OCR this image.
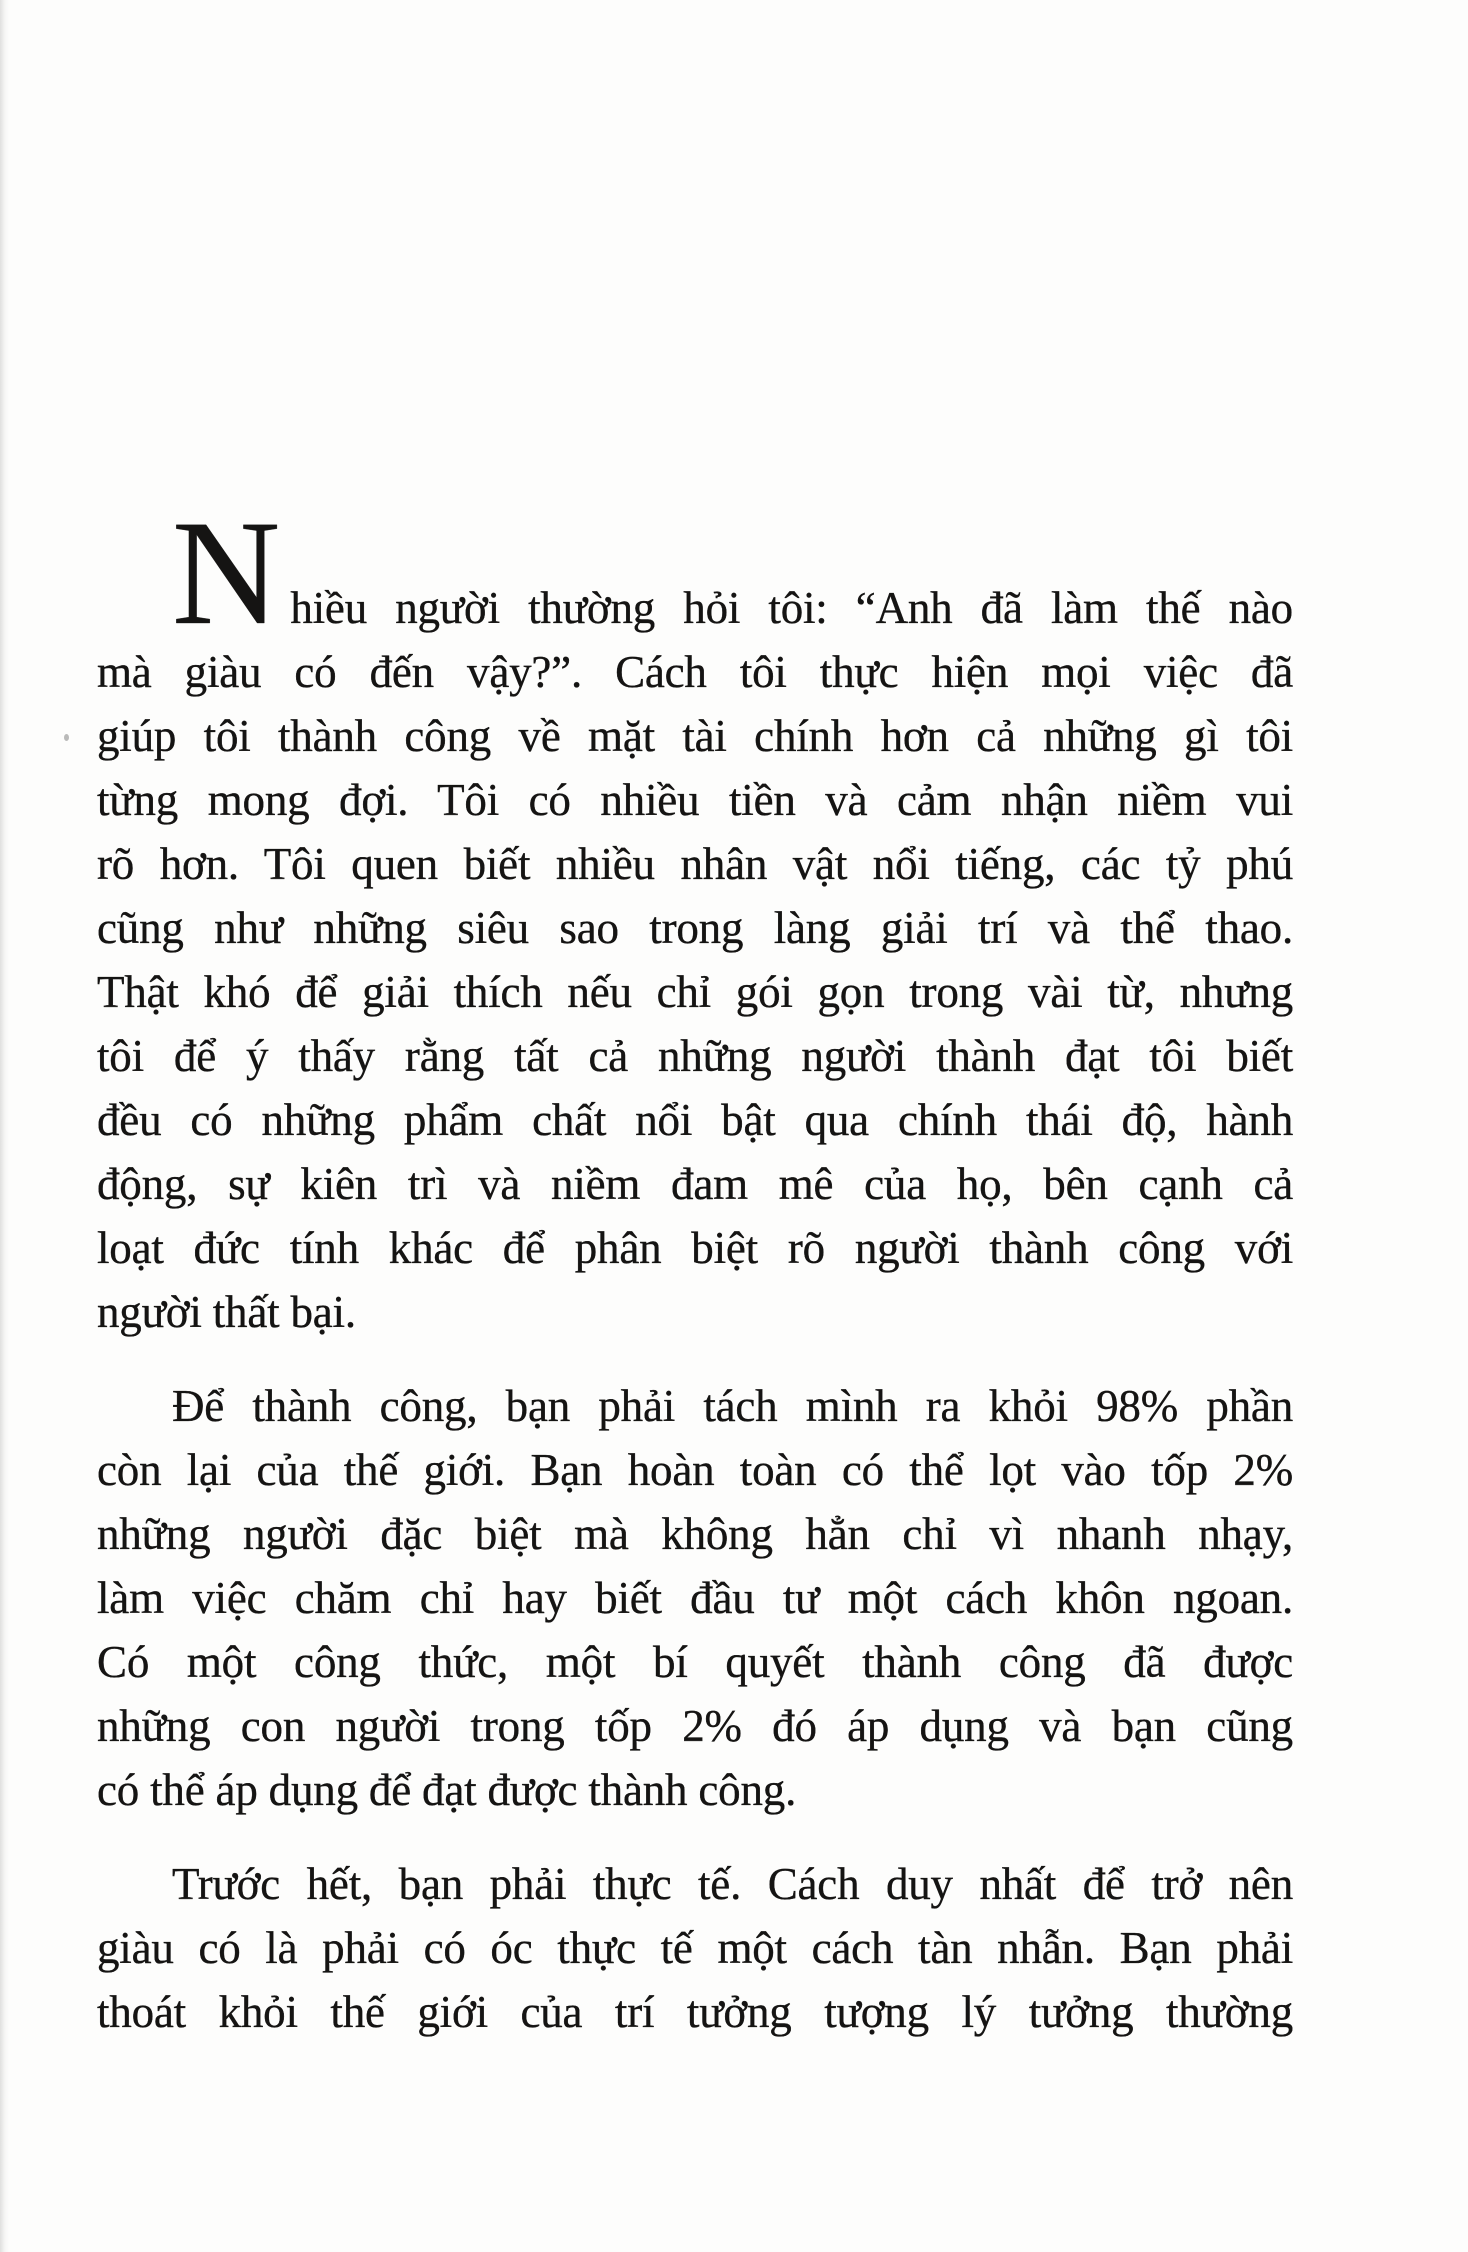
Nhiều người thường hỏi tôi: “Anh đã làm thế nào
mà giàu có đến vậy?”. Cách tôi thực hiện mọi việc đã
giúp tôi thành công về mặt tài chính hơn cả những gì tôi
từng mong đợi. Tôi có nhiều tiền và cảm nhận niềm vui
rõ hơn. Tôi quen biết nhiều nhân vật nổi tiếng, các tỷ phú
cũng như những siêu sao trong làng giải trí và thể thao.
Thật khó để giải thích nếu chỉ gói gọn trong vài từ, nhưng
tôi để ý thấy rằng tất cả những người thành đạt tôi biết
đều có những phẩm chất nổi bật qua chính thái độ, hành
động, sự kiên trì và niềm đam mê của họ, bên cạnh cả
loạt đức tính khác để phân biệt rõ người thành công với
người thất bại.

Để thành công, bạn phải tách mình ra khỏi 98% phần
còn lại của thế giới. Bạn hoàn toàn có thể lọt vào tốp 2%
những người đặc biệt mà không hẳn chỉ vì nhanh nhạy,
làm việc chăm chỉ hay biết đầu tư một cách khôn ngoan.
Có một công thức, một bí quyết thành công đã được
những con người trong tốp 2% đó áp dụng và bạn cũng
có thể áp dụng để đạt được thành công.

Trước hết, bạn phải thực tế. Cách duy nhất để trở nên
giàu có là phải có óc thực tế một cách tàn nhẫn. Bạn phải
thoát khỏi thế giới của trí tưởng tượng lý tưởng thường
